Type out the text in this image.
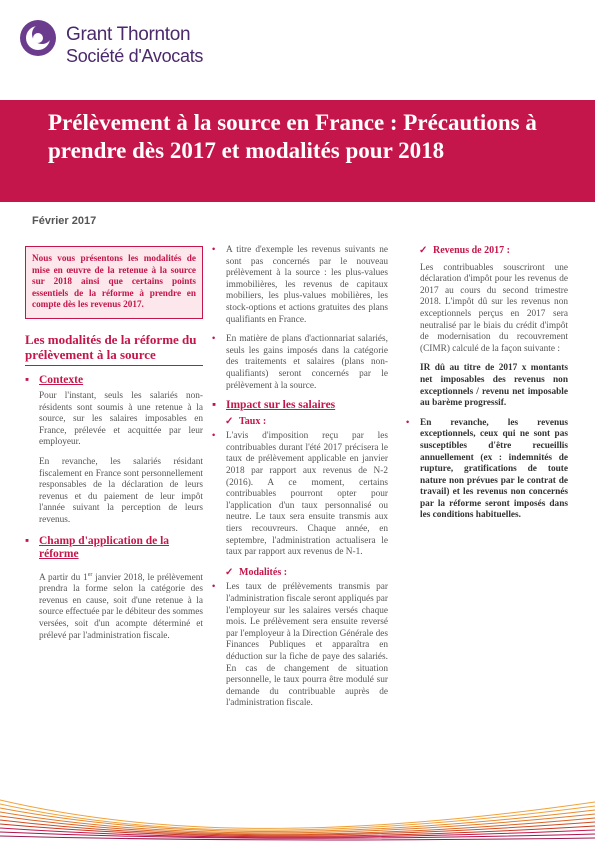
Grant Thornton
Société d'Avocats
Prélèvement à la source en France : Précautions à prendre dès 2017 et modalités pour 2018
Février 2017
Nous vous présentons les modalités de mise en œuvre de la retenue à la source sur 2018 ainsi que certains points essentiels de la réforme à prendre en compte dès les revenus 2017.
Les modalités de la réforme du prélèvement à la source
▪ Contexte
Pour l'instant, seuls les salariés non-résidents sont soumis à une retenue à la source, sur les salaires imposables en France, prélevée et acquittée par leur employeur.
En revanche, les salariés résidant fiscalement en France sont personnellement responsables de la déclaration de leurs revenus et du paiement de leur impôt l'année suivant la perception de leurs revenus.
▪ Champ d'application de la réforme
A partir du 1er janvier 2018, le prélèvement prendra la forme selon la catégorie des revenus en cause, soit d'une retenue à la source effectuée par le débiteur des sommes versées, soit d'un acompte déterminé et prélevé par l'administration fiscale.
• A titre d'exemple les revenus suivants ne sont pas concernés par le nouveau prélèvement à la source : les plus-values immobilières, les revenus de capitaux mobiliers, les plus-values mobilières, les stock-options et actions gratuites des plans qualifiants en France.
• En matière de plans d'actionnariat salariés, seuls les gains imposés dans la catégorie des traitements et salaires (plans non-qualifiants) seront concernés par le prélèvement à la source.
▪ Impact sur les salaires
✓ Taux :
• L'avis d'imposition reçu par les contribuables durant l'été 2017 précisera le taux de prélèvement applicable en janvier 2018 par rapport aux revenus de N-2 (2016). A ce moment, certains contribuables pourront opter pour l'application d'un taux personnalisé ou neutre. Le taux sera ensuite transmis aux tiers recouvreurs. Chaque année, en septembre, l'administration actualisera le taux par rapport aux revenus de N-1.
✓ Modalités :
• Les taux de prélèvements transmis par l'administration fiscale seront appliqués par l'employeur sur les salaires versés chaque mois. Le prélèvement sera ensuite reversé par l'employeur à la Direction Générale des Finances Publiques et apparaîtra en déduction sur la fiche de paye des salariés. En cas de changement de situation personnelle, le taux pourra être modulé sur demande du contribuable auprès de l'administration fiscale.
✓ Revenus de 2017 :
Les contribuables souscriront une déclaration d'impôt pour les revenus de 2017 au cours du second trimestre 2018. L'impôt dû sur les revenus non exceptionnels perçus en 2017 sera neutralisé par le biais du crédit d'impôt de modernisation du recouvrement (CIMR) calculé de la façon suivante :
IR dû au titre de 2017 x montants net imposables des revenus non exceptionnels / revenu net imposable au barème progressif.
• En revanche, les revenus exceptionnels, ceux qui ne sont pas susceptibles d'être recueillis annuellement (ex : indemnités de rupture, gratifications de toute nature non prévues par le contrat de travail) et les revenus non concernés par la réforme seront imposés dans les conditions habituelles.
